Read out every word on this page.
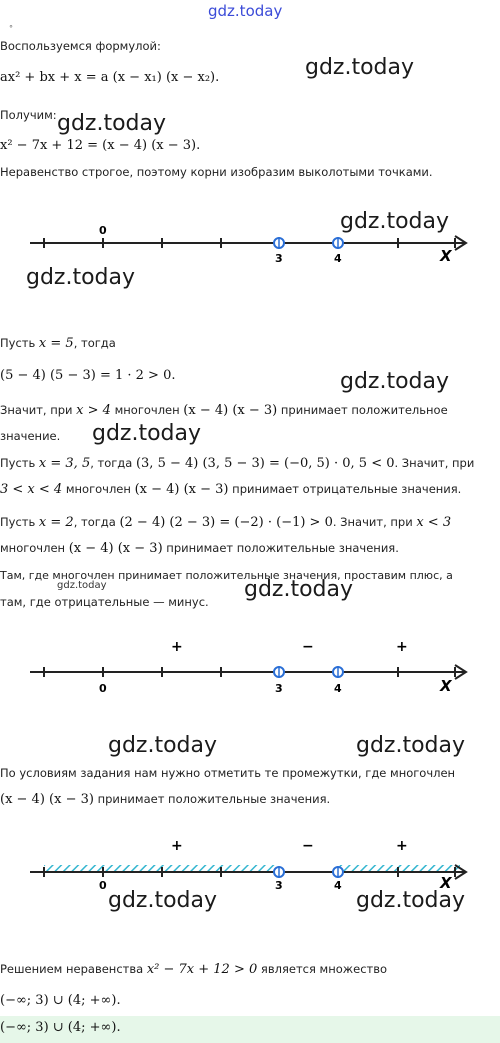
gdz.today
°
Воспользуемся формулой:
ax² + bx + x = a (x − x₁) (x − x₂).	gdz.today
Получим: gdz.today
x² − 7x + 12 = (x − 4) (x − 3).
Неравенство строгое, поэтому корни изобразим выколотыми точками.
gdz.today
0
3	4	X
gdz.today
Пусть x = 5, тогда
(5 − 4) (5 − 3) = 1 · 2 > 0.	gdz.today
Значит, при x > 4 многочлен (x − 4) (x − 3) принимает положительное
значение. gdz.today
Пусть x = 3, 5, тогда (3, 5 − 4) (3, 5 − 3) = (−0, 5) · 0, 5 < 0. Значит, при
3 < x < 4 многочлен (x − 4) (x − 3) принимает отрицательные значения.
Пусть x = 2, тогда (2 − 4) (2 − 3) = (−2) · (−1) > 0. Значит, при x < 3
многочлен (x − 4) (x − 3) принимает положительные значения.
Там, где многочлен принимает положительные значения, проставим плюс, а
там, где отрицательные — минус.
gdz.today	gdz.today
+	−	+
0	3	4	X
gdz.today	gdz.today
По условиям задания нам нужно отметить те промежутки, где многочлен
(x − 4) (x − 3) принимает положительные значения.
+	−	+
0	3	4	X
gdz.today	gdz.today
Решением неравенства x² − 7x + 12 > 0 является множество
(−∞; 3) ∪ (4; +∞).
(−∞; 3) ∪ (4; +∞).
